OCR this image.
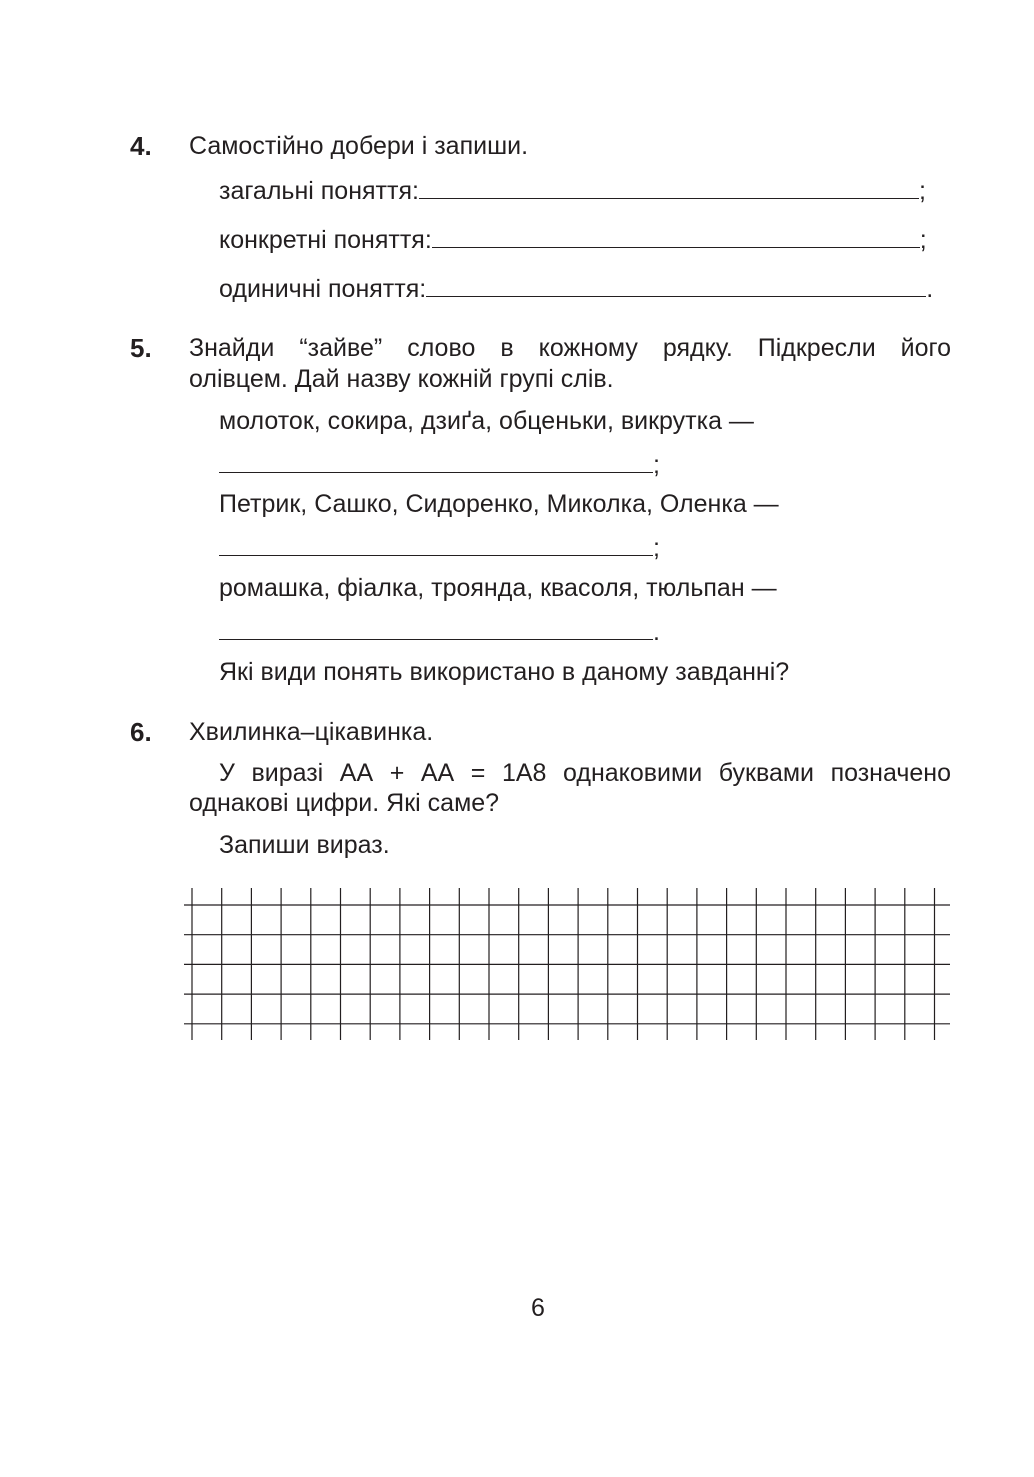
4. Самостійно добери і запиши.
загальні поняття:	;
конкретні поняття:	;
одиничні поняття:	.
5. Знайди “зайве” слово в кожному рядку. Підкресли його
олівцем. Дай назву кожній групі слів.
молоток, сокира, дзиґа, обценьки, викрутка —
;
Петрик, Сашко, Сидоренко, Миколка, Оленка —
;
ромашка, фіалка, троянда, квасоля, тюльпан —
.
Які види понять використано в даному завданні?
6. Хвилинка–цікавинка.
У виразі АА + АА = 1А8 однаковими буквами позначено
однакові цифри. Які саме?
Запиши вираз.
6
